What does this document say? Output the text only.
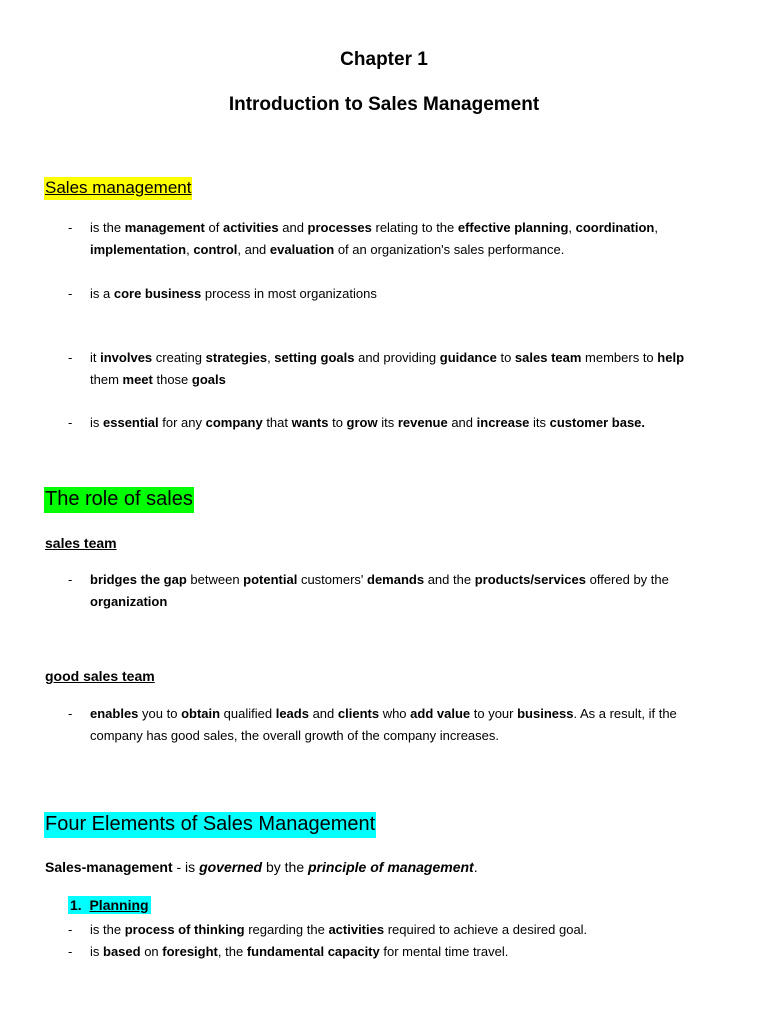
Chapter 1
Introduction to Sales Management
Sales management
-	is the management of activities and processes relating to the effective planning, coordination,
implementation, control, and evaluation of an organization's sales performance.
-	is a core business process in most organizations
-	it involves creating strategies, setting goals and providing guidance to sales team members to help
them meet those goals
-	is essential for any company that wants to grow its revenue and increase its customer base.
The role of sales
sales team
-	bridges the gap between potential customers' demands and the products/services offered by the
organization
good sales team
-	enables you to obtain qualified leads and clients who add value to your business. As a result, if the
company has good sales, the overall growth of the company increases.
Four Elements of Sales Management
Sales-management - is governed by the principle of management.
1. Planning
-	is the process of thinking regarding the activities required to achieve a desired goal.
-	is based on foresight, the fundamental capacity for mental time travel.
